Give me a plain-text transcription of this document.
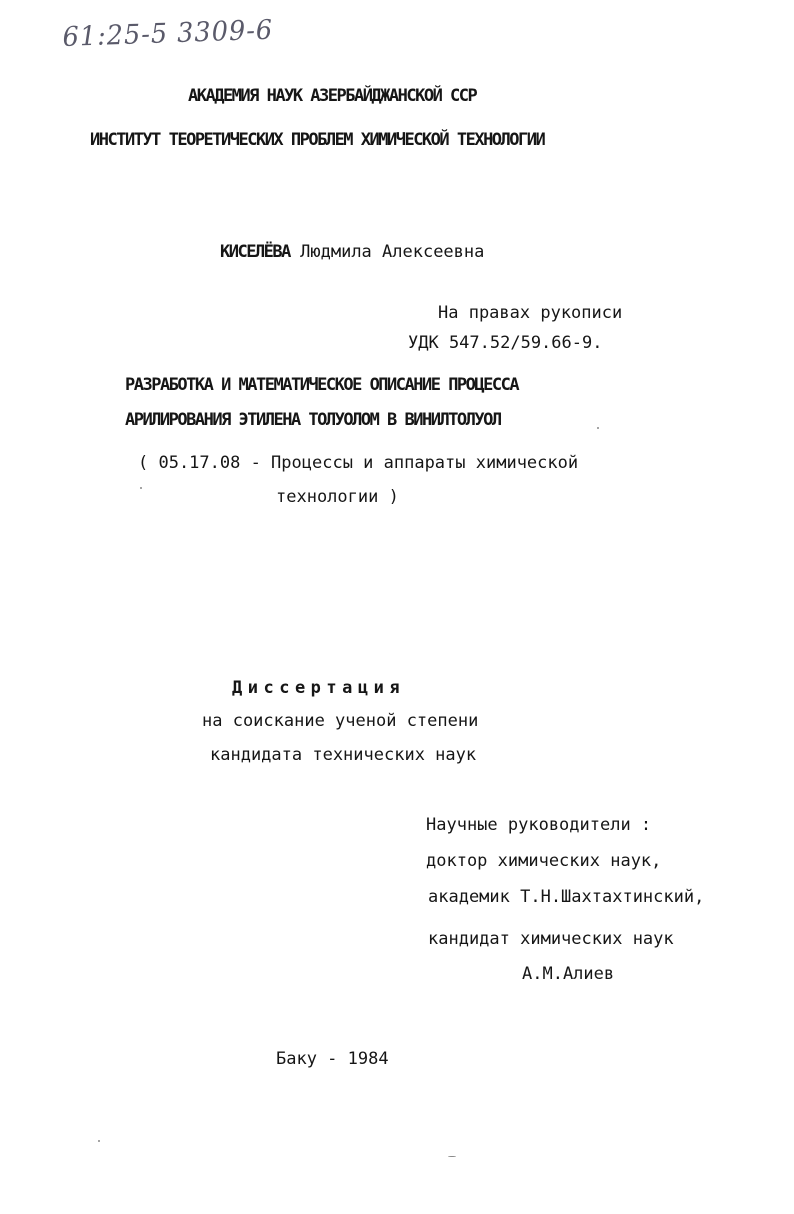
61:25-5 3309-6
АКАДЕМИЯ НАУК АЗЕРБАЙДЖАНСКОЙ ССР
ИНСТИТУТ ТЕОРЕТИЧЕСКИХ ПРОБЛЕМ ХИМИЧЕСКОЙ ТЕХНОЛОГИИ
КИСЕЛЁВА Людмила Алексеевна
На правах рукописи
УДК 547.52/59.66-9.
РАЗРАБОТКА И МАТЕМАТИЧЕСКОЕ ОПИСАНИЕ ПРОЦЕССА
АРИЛИРОВАНИЯ ЭТИЛЕНА ТОЛУОЛОМ В ВИНИЛТОЛУОЛ
( 05.17.08 - Процессы и аппараты химической
технологии )
Диссертация
на соискание ученой степени
кандидата технических наук
Научные руководители :
доктор химических наук,
академик Т.Н.Шахтахтинский,
кандидат химических наук
А.М.Алиев
Баку - 1984
